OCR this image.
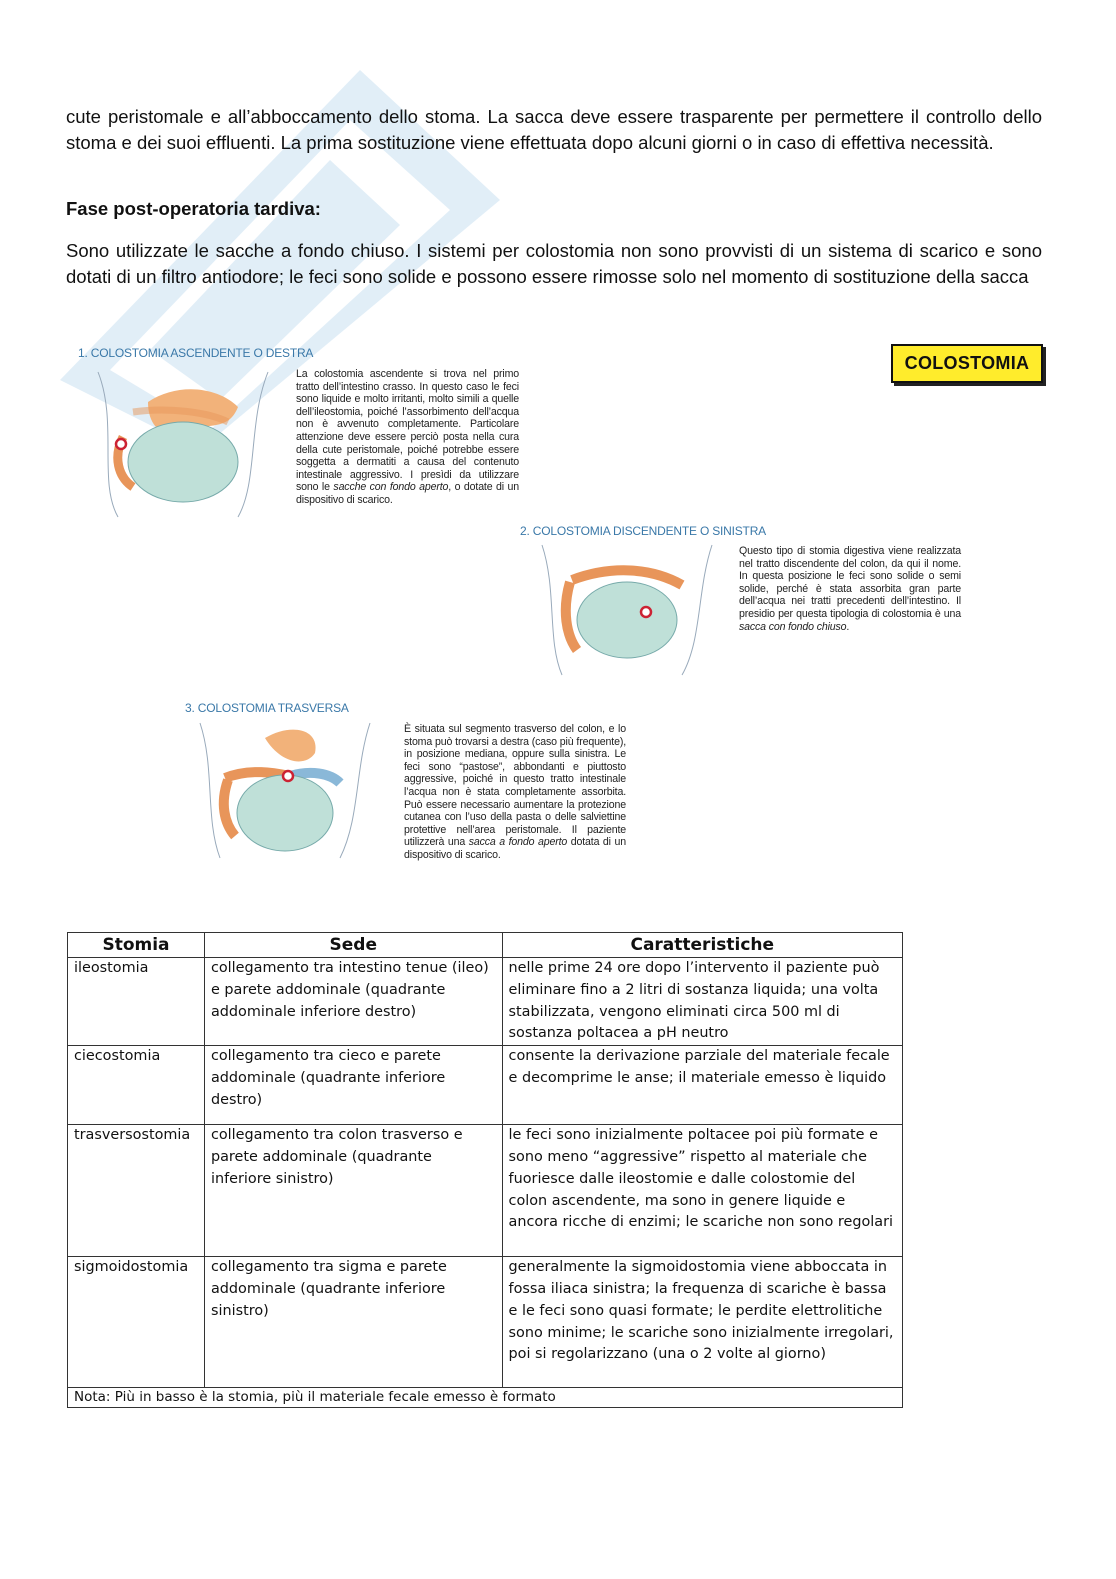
cute peristomale e all’abboccamento dello stoma. La sacca deve essere trasparente per permettere il controllo dello stoma e dei suoi effluenti. La prima sostituzione viene effettuata dopo alcuni giorni o in caso di effettiva necessità.

Fase post-operatoria tardiva:

Sono utilizzate le sacche a fondo chiuso. I sistemi per colostomia non sono provvisti di un sistema di scarico e sono dotati di un filtro antiodore; le feci sono solide e possono essere rimosse solo nel momento di sostituzione della sacca

COLOSTOMIA

1. COLOSTOMIA ASCENDENTE O DESTRA

La colostomia ascendente si trova nel primo tratto dell’intestino crasso. In questo caso le feci sono liquide e molto irritanti, molto simili a quelle dell’ileostomia, poiché l’assorbimento dell’acqua non è avvenuto completamente. Particolare attenzione deve essere perciò posta nella cura della cute peristomale, poiché potrebbe essere soggetta a dermatiti a causa del contenuto intestinale aggressivo. I presìdi da utilizzare sono le sacche con fondo aperto, o dotate di un dispositivo di scarico.

2. COLOSTOMIA DISCENDENTE O SINISTRA

Questo tipo di stomia digestiva viene realizzata nel tratto discendente del colon, da qui il nome. In questa posizione le feci sono solide o semi solide, perché è stata assorbita gran parte dell’acqua nei tratti precedenti dell’intestino. Il presidio per questa tipologia di colostomia è una sacca con fondo chiuso.

3. COLOSTOMIA TRASVERSA

È situata sul segmento trasverso del colon, e lo stoma può trovarsi a destra (caso più frequente), in posizione mediana, oppure sulla sinistra. Le feci sono “pastose”, abbondanti e piuttosto aggressive, poiché in questo tratto intestinale l’acqua non è stata completamente assorbita. Può essere necessario aumentare la protezione cutanea con l’uso della pasta o delle salviettine protettive nell’area peristomale. Il paziente utilizzerà una sacca a fondo aperto dotata di un dispositivo di scarico.

Stomia	Sede	Caratteristiche
ileostomia	collegamento tra intestino tenue (ileo) e parete addominale (quadrante addominale inferiore destro)	nelle prime 24 ore dopo l’intervento il paziente può eliminare fino a 2 litri di sostanza liquida; una volta stabilizzata, vengono eliminati circa 500 ml di sostanza poltacea a pH neutro
ciecostomia	collegamento tra cieco e parete addominale (quadrante inferiore destro)	consente la derivazione parziale del materiale fecale e decomprime le anse; il materiale emesso è liquido
trasversostomia	collegamento tra colon trasverso e parete addominale (quadrante inferiore sinistro)	le feci sono inizialmente poltacee poi più formate e sono meno “aggressive” rispetto al materiale che fuoriesce dalle ileostomie e dalle colostomie del colon ascendente, ma sono in genere liquide e ancora ricche di enzimi; le scariche non sono regolari
sigmoidostomia	collegamento tra sigma e parete addominale (quadrante inferiore sinistro)	generalmente la sigmoidostomia viene abboccata in fossa iliaca sinistra; la frequenza di scariche è bassa e le feci sono quasi formate; le perdite elettrolitiche sono minime; le scariche sono inizialmente irregolari, poi si regolarizzano (una o 2 volte al giorno)
Nota: Più in basso è la stomia, più il materiale fecale emesso è formato		
